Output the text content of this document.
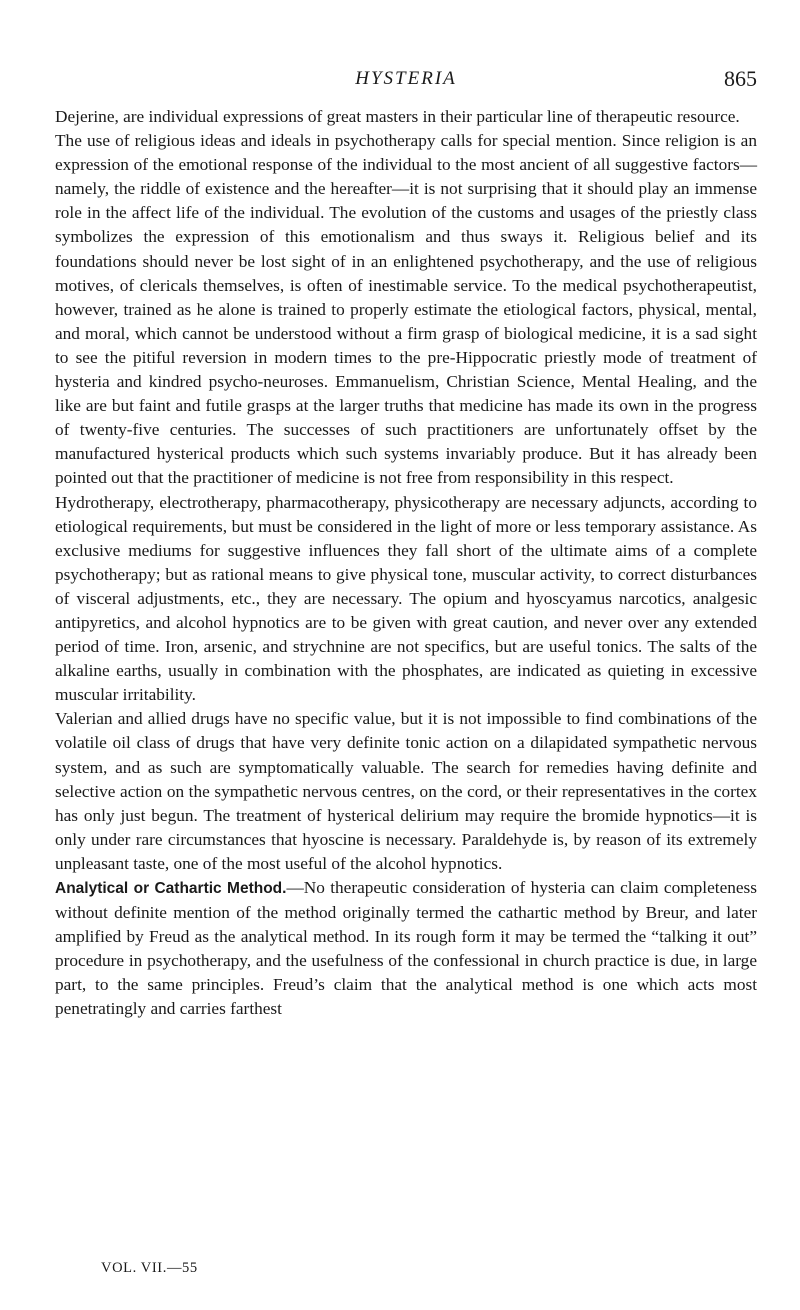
HYSTERIA	865

Dejerine, are individual expressions of great masters in their particular line of therapeutic resource.

The use of religious ideas and ideals in psychotherapy calls for special mention. Since religion is an expression of the emotional response of the individual to the most ancient of all suggestive factors—namely, the riddle of existence and the hereafter—it is not surprising that it should play an immense role in the affect life of the individual. The evolution of the customs and usages of the priestly class symbolizes the expression of this emotionalism and thus sways it. Religious belief and its foundations should never be lost sight of in an enlightened psychotherapy, and the use of religious motives, of clericals themselves, is often of inestimable service. To the medical psychotherapeutist, however, trained as he alone is trained to properly estimate the etiological factors, physical, mental, and moral, which cannot be understood without a firm grasp of biological medicine, it is a sad sight to see the pitiful reversion in modern times to the pre-Hippocratic priestly mode of treatment of hysteria and kindred psycho-neuroses. Emmanuelism, Christian Science, Mental Healing, and the like are but faint and futile grasps at the larger truths that medicine has made its own in the progress of twenty-five centuries. The successes of such practitioners are unfortunately offset by the manufactured hysterical products which such systems invariably produce. But it has already been pointed out that the practitioner of medicine is not free from responsibility in this respect.

Hydrotherapy, electrotherapy, pharmacotherapy, physicotherapy are necessary adjuncts, according to etiological requirements, but must be considered in the light of more or less temporary assistance. As exclusive mediums for suggestive influences they fall short of the ultimate aims of a complete psychotherapy; but as rational means to give physical tone, muscular activity, to correct disturbances of visceral adjustments, etc., they are necessary. The opium and hyoscyamus narcotics, analgesic antipyretics, and alcohol hypnotics are to be given with great caution, and never over any extended period of time. Iron, arsenic, and strychnine are not specifics, but are useful tonics. The salts of the alkaline earths, usually in combination with the phosphates, are indicated as quieting in excessive muscular irritability.

Valerian and allied drugs have no specific value, but it is not impossible to find combinations of the volatile oil class of drugs that have very definite tonic action on a dilapidated sympathetic nervous system, and as such are symptomatically valuable. The search for remedies having definite and selective action on the sympathetic nervous centres, on the cord, or their representatives in the cortex has only just begun. The treatment of hysterical delirium may require the bromide hypnotics—it is only under rare circumstances that hyoscine is necessary. Paraldehyde is, by reason of its extremely unpleasant taste, one of the most useful of the alcohol hypnotics.

Analytical or Cathartic Method.—No therapeutic consideration of hysteria can claim completeness without definite mention of the method originally termed the cathartic method by Breur, and later amplified by Freud as the analytical method. In its rough form it may be termed the “talking it out” procedure in psychotherapy, and the usefulness of the confessional in church practice is due, in large part, to the same principles. Freud’s claim that the analytical method is one which acts most penetratingly and carries farthest

VOL. VII.—55
